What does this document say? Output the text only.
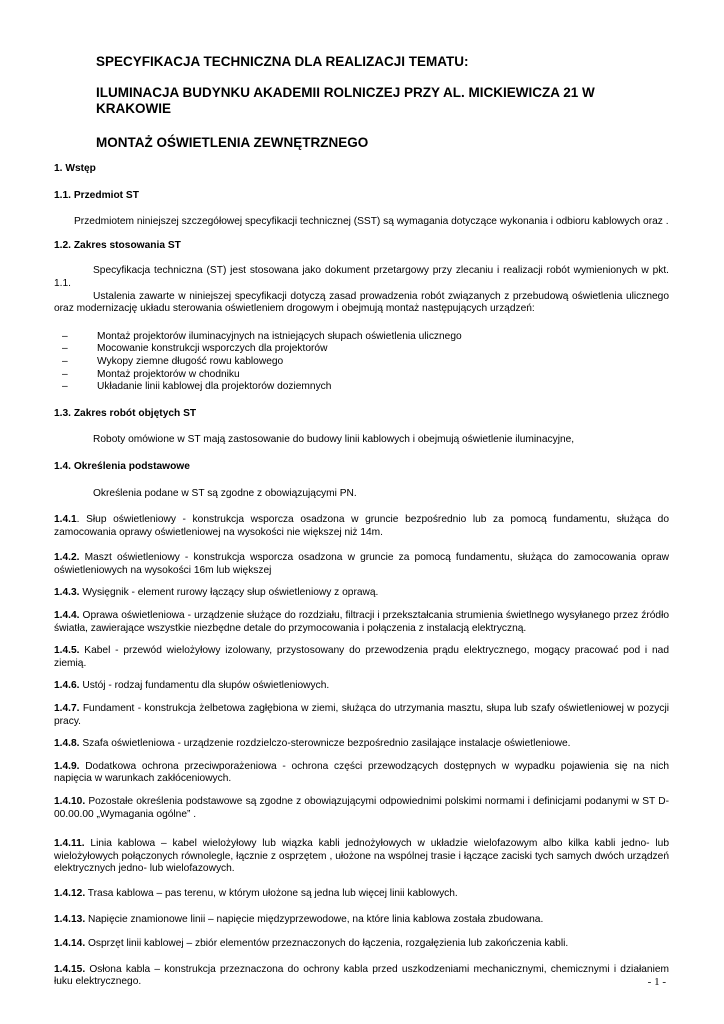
SPECYFIKACJA TECHNICZNA DLA REALIZACJI TEMATU:
ILUMINACJA BUDYNKU AKADEMII ROLNICZEJ PRZY AL. MICKIEWICZA 21 W KRAKOWIE
MONTAŻ OŚWIETLENIA ZEWNĘTRZNEGO

1. Wstęp

1.1. Przedmiot ST

Przedmiotem niniejszej szczegółowej specyfikacji technicznej (SST) są wymagania dotyczące wykonania i odbioru kablowych oraz .

1.2. Zakres stosowania ST

Specyfikacja techniczna (ST) jest stosowana jako dokument przetargowy przy zlecaniu i realizacji robót wymienionych w pkt. 1.1.

Ustalenia zawarte w niniejszej specyfikacji dotyczą zasad prowadzenia robót związanych z przebudową oświetlenia ulicznego oraz modernizację układu sterowania oświetleniem drogowym i obejmują montaż następujących urządzeń:

–	Montaż projektorów iluminacyjnych na istniejących słupach oświetlenia ulicznego
–	Mocowanie konstrukcji wsporczych dla projektorów
–	Wykopy ziemne długość rowu kablowego
–	Montaż projektorów w chodniku
–	Układanie linii kablowej dla projektorów doziemnych

1.3. Zakres robót objętych ST

Roboty omówione w ST mają zastosowanie do budowy linii kablowych i obejmują oświetlenie iluminacyjne,

1.4. Określenia podstawowe

Określenia podane w ST są zgodne z obowiązującymi PN.

1.4.1. Słup oświetleniowy - konstrukcja wsporcza osadzona w gruncie bezpośrednio lub za pomocą fundamentu, służąca do zamocowania oprawy oświetleniowej na wysokości nie większej niż 14m.

1.4.2. Maszt oświetleniowy - konstrukcja wsporcza osadzona w gruncie za pomocą fundamentu, służąca do zamocowania opraw oświetleniowych na wysokości 16m lub większej

1.4.3. Wysięgnik - element rurowy łączący słup oświetleniowy z oprawą.

1.4.4. Oprawa oświetleniowa - urządzenie służące do rozdziału, filtracji i przekształcania strumienia świetlnego wysyłanego przez źródło światła, zawierające wszystkie niezbędne detale do przymocowania i połączenia z instalacją elektryczną.

1.4.5. Kabel - przewód wielożyłowy izolowany, przystosowany do przewodzenia prądu elektrycznego, mogący pracować pod i nad ziemią.

1.4.6. Ustój - rodzaj fundamentu dla słupów oświetleniowych.

1.4.7. Fundament - konstrukcja żelbetowa zagłębiona w ziemi, służąca do utrzymania masztu, słupa lub szafy oświetleniowej w pozycji pracy.

1.4.8. Szafa oświetleniowa - urządzenie rozdzielczo-sterownicze bezpośrednio zasilające instalacje oświetleniowe.

1.4.9. Dodatkowa ochrona przeciwporażeniowa - ochrona części przewodzących dostępnych w wypadku pojawienia się na nich napięcia w warunkach zakłóceniowych.

1.4.10. Pozostałe określenia podstawowe są zgodne z obowiązującymi odpowiednimi polskimi normami i definicjami podanymi w ST D-00.00.00 „Wymagania ogólne” .

1.4.11. Linia kablowa – kabel wielożyłowy lub wiązka kabli jednożyłowych w układzie wielofazowym albo kilka kabli jedno- lub wielożyłowych połączonych równolegle, łącznie z osprzętem , ułożone na wspólnej trasie i łączące zaciski tych samych dwóch urządzeń elektrycznych jedno- lub wielofazowych.

1.4.12. Trasa kablowa – pas terenu, w którym ułożone są jedna lub więcej linii kablowych.

1.4.13. Napięcie znamionowe linii – napięcie międzyprzewodowe, na które linia kablowa została zbudowana.

1.4.14. Osprzęt linii kablowej – zbiór elementów przeznaczonych do łączenia, rozgałęzienia lub zakończenia kabli.

1.4.15. Osłona kabla – konstrukcja przeznaczona do ochrony kabla przed uszkodzeniami mechanicznymi, chemicznymi i działaniem łuku elektrycznego.	- 1 -
